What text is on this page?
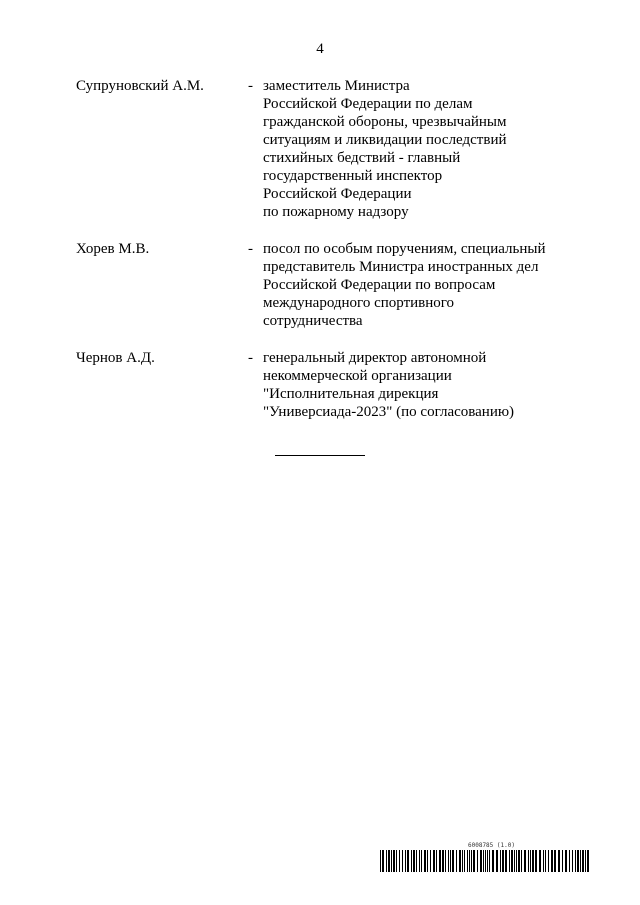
4
Супруновский А.М.	- заместитель Министра
Российской Федерации по делам
гражданской обороны, чрезвычайным
ситуациям и ликвидации последствий
стихийных бедствий - главный
государственный инспектор
Российской Федерации
по пожарному надзору
Хорев М.В.	- посол по особым поручениям, специальный
представитель Министра иностранных дел
Российской Федерации по вопросам
международного спортивного
сотрудничества
Чернов А.Д.	- генеральный директор автономной
некоммерческой организации
"Исполнительная дирекция
"Универсиада-2023" (по согласованию)
6008785 (1.0)
